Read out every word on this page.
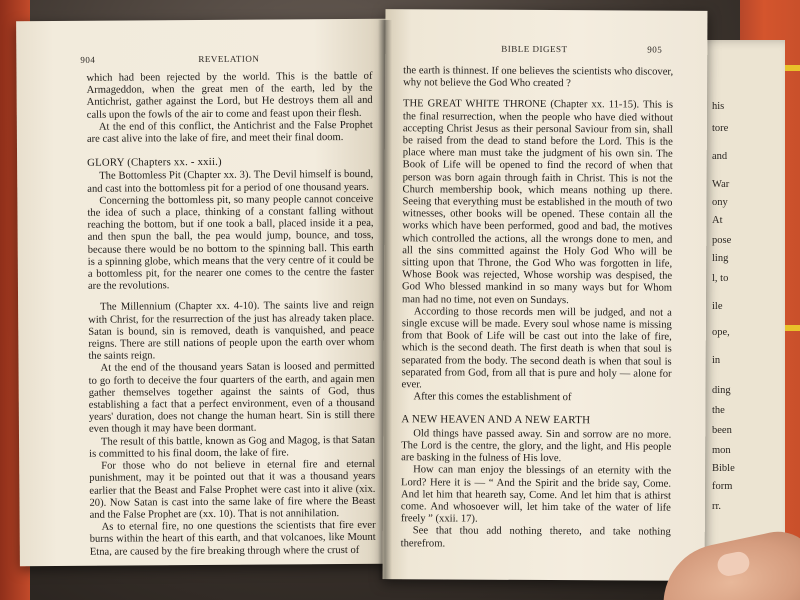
his
tore
and
War
ony
At
pose
ling
l, to
ile
ope,
in
ding
the
been
mon
Bible
form
rr.
904	REVELATION

which had been rejected by the world. This is the battle of Armageddon, when the great men of the earth, led by the Antichrist, gather against the Lord, but He destroys them all and calls upon the fowls of the air to come and feast upon their flesh.

At the end of this conflict, the Antichrist and the False Prophet are cast alive into the lake of fire, and meet their final doom.

GLORY (Chapters xx. - xxii.)

The Bottomless Pit (Chapter xx. 3). The Devil himself is bound, and cast into the bottomless pit for a period of one thousand years.

Concerning the bottomless pit, so many people cannot conceive the idea of such a place, thinking of a constant falling without reaching the bottom, but if one took a ball, placed inside it a pea, and then spun the ball, the pea would jump, bounce, and toss, because there would be no bottom to the spinning ball. This earth is a spinning globe, which means that the very centre of it could be a bottomless pit, for the nearer one comes to the centre the faster are the revolutions.

The Millennium (Chapter xx. 4-10). The saints live and reign with Christ, for the resurrection of the just has already taken place. Satan is bound, sin is removed, death is vanquished, and peace reigns. There are still nations of people upon the earth over whom the saints reign.

At the end of the thousand years Satan is loosed and permitted to go forth to deceive the four quarters of the earth, and again men gather themselves together against the saints of God, thus establishing a fact that a perfect environment, even of a thousand years' duration, does not change the human heart. Sin is still there even though it may have been dormant.

The result of this battle, known as Gog and Magog, is that Satan is committed to his final doom, the lake of fire.

For those who do not believe in eternal fire and eternal punishment, may it be pointed out that it was a thousand years earlier that the Beast and False Prophet were cast into it alive (xix. 20). Now Satan is cast into the same lake of fire where the Beast and the False Prophet are (xx. 10). That is not annihilation.

As to eternal fire, no one questions the scientists that fire ever burns within the heart of this earth, and that volcanoes, like Mount Etna, are caused by the fire breaking through where the crust of

BIBLE DIGEST	905

the earth is thinnest. If one believes the scientists who discover, why not believe the God Who created ?

THE GREAT WHITE THRONE (Chapter xx. 11-15). This is the final resurrection, when the people who have died without accepting Christ Jesus as their personal Saviour from sin, shall be raised from the dead to stand before the Lord. This is the place where man must take the judgment of his own sin. The Book of Life will be opened to find the record of when that person was born again through faith in Christ. This is not the Church membership book, which means nothing up there. Seeing that everything must be established in the mouth of two witnesses, other books will be opened. These contain all the works which have been performed, good and bad, the motives which controlled the actions, all the wrongs done to men, and all the sins committed against the Holy God Who will be sitting upon that Throne, the God Who was forgotten in life, Whose Book was rejected, Whose worship was despised, the God Who blessed mankind in so many ways but for Whom man had no time, not even on Sundays.

According to those records men will be judged, and not a single excuse will be made. Every soul whose name is missing from that Book of Life will be cast out into the lake of fire, which is the second death. The first death is when that soul is separated from the body. The second death is when that soul is separated from God, from all that is pure and holy — alone for ever.

After this comes the establishment of

A NEW HEAVEN AND A NEW EARTH

Old things have passed away. Sin and sorrow are no more. The Lord is the centre, the glory, and the light, and His people are basking in the fulness of His love.

How can man enjoy the blessings of an eternity with the Lord? Here it is — “ And the Spirit and the bride say, Come. And let him that heareth say, Come. And let him that is athirst come. And whosoever will, let him take of the water of life freely ” (xxii. 17).

See that thou add nothing thereto, and take nothing therefrom.
